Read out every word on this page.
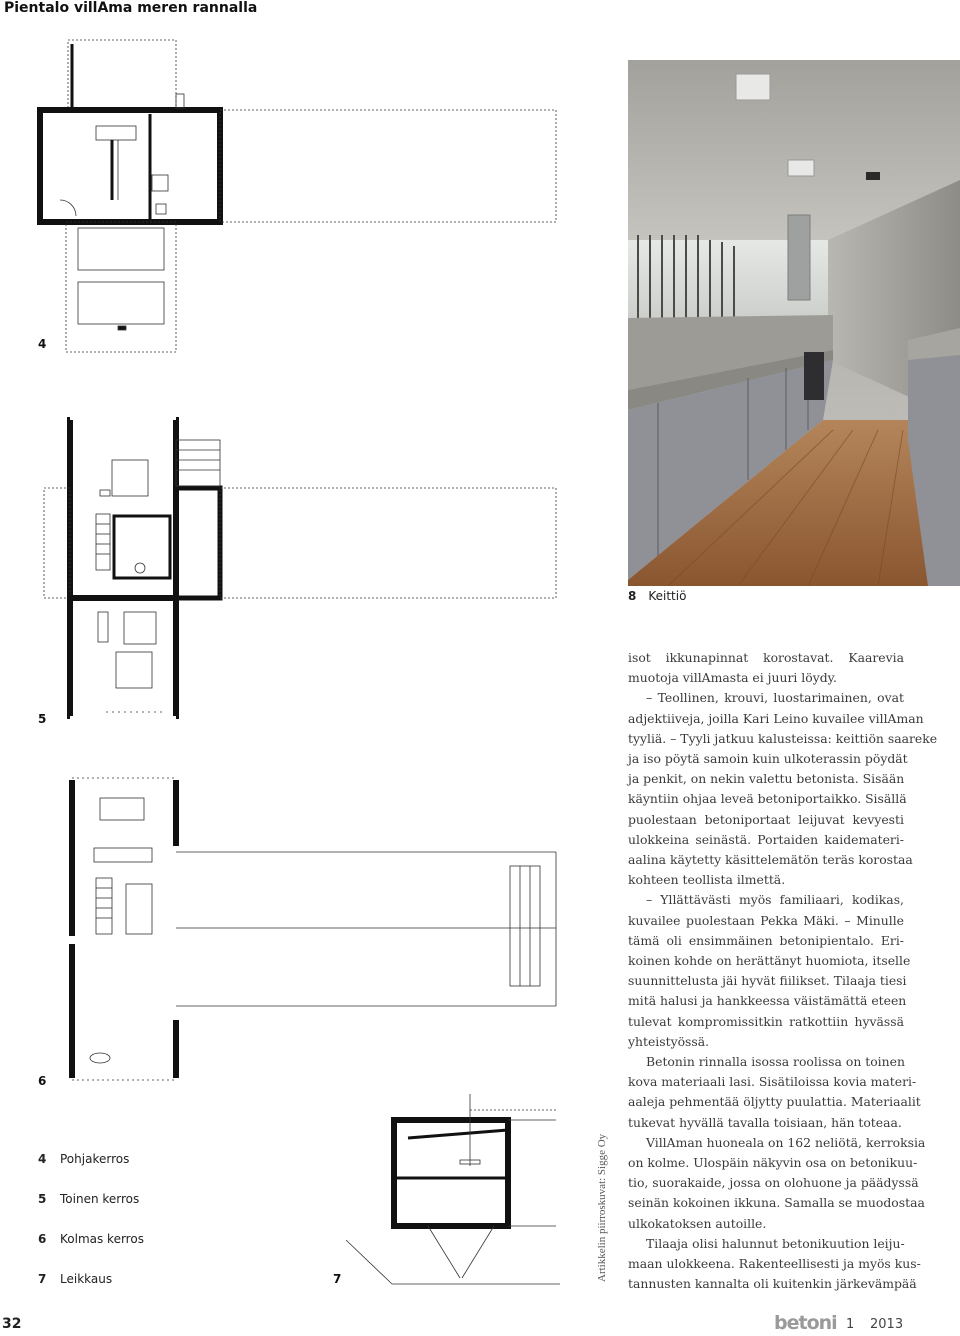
Pientalo villAma meren rannalla
4
5
6
7
4 Pohjakerros
5 Toinen kerros
6 Kolmas kerros
7 Leikkaus	Artikkelin piirroskuvat: Sigge Oy
8 Keittiö

isot ikkunapinnat korostavat. Kaarevia

muotoja villAmasta ei juuri löydy.

– Teollinen, krouvi, luostarimainen, ovat

adjektiiveja, joilla Kari Leino kuvailee villAman

tyyliä. – Tyyli jatkuu kalusteissa: keittiön saareke

ja iso pöytä samoin kuin ulkoterassin pöydät

ja penkit, on nekin valettu betonista. Sisään

käyntiin ohjaa leveä betoniportaikko. Sisällä

puolestaan betoniportaat leijuvat kevyesti

ulokkeina seinästä. Portaiden kaidemateri-

aalina käytetty käsittelemätön teräs korostaa

kohteen teollista ilmettä.

– Yllättävästi myös familiaari, kodikas,

kuvailee puolestaan Pekka Mäki. – Minulle

tämä oli ensimmäinen betonipientalo. Eri-

koinen kohde on herättänyt huomiota, itselle

suunnittelusta jäi hyvät fiilikset. Tilaaja tiesi

mitä halusi ja hankkeessa väistämättä eteen

tulevat kompromissitkin ratkottiin hyvässä

yhteistyössä.

Betonin rinnalla isossa roolissa on toinen

kova materiaali lasi. Sisätiloissa kovia materi-

aaleja pehmentää öljytty puulattia. Materiaalit

tukevat hyvällä tavalla toisiaan, hän toteaa.

VillAman huoneala on 162 neliötä, kerroksia

on kolme. Ulospäin näkyvin osa on betonikuu-

tio, suorakaide, jossa on olohuone ja päädyssä

seinän kokoinen ikkuna. Samalla se muodostaa

ulkokatoksen autoille.

Tilaaja olisi halunnut betonikuution leiju-

maan ulokkeena. Rakenteellisesti ja myös kus-

tannusten kannalta oli kuitenkin järkevämpää

32	betoni 1 2013
